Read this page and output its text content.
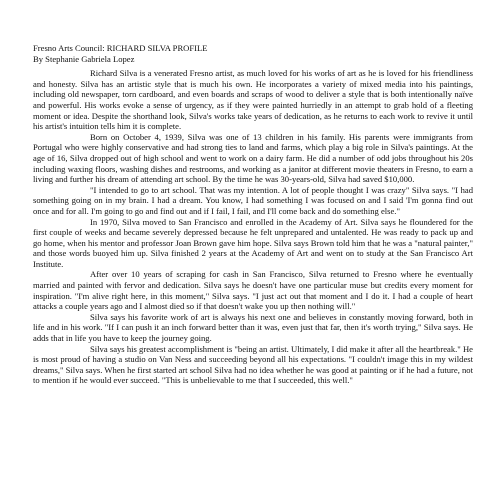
Fresno Arts Council: RICHARD SILVA PROFILE

By Stephanie Gabriela Lopez

Richard Silva is a venerated Fresno artist, as much loved for his works of art as he is loved for his friendliness and honesty. Silva has an artistic style that is much his own. He incorporates a variety of mixed media into his paintings, including old newspaper, torn cardboard, and even boards and scraps of wood to deliver a style that is both intentionally naïve and powerful. His works evoke a sense of urgency, as if they were painted hurriedly in an attempt to grab hold of a fleeting moment or idea. Despite the shorthand look, Silva's works take years of dedication, as he returns to each work to revive it until his artist's intuition tells him it is complete.

Born on October 4, 1939, Silva was one of 13 children in his family. His parents were immigrants from Portugal who were highly conservative and had strong ties to land and farms, which play a big role in Silva's paintings. At the age of 16, Silva dropped out of high school and went to work on a dairy farm. He did a number of odd jobs throughout his 20s including waxing floors, washing dishes and restrooms, and working as a janitor at different movie theaters in Fresno, to earn a living and further his dream of attending art school. By the time he was 30-years-old, Silva had saved $10,000.

"I intended to go to art school. That was my intention. A lot of people thought I was crazy" Silva says. "I had something going on in my brain. I had a dream. You know, I had something I was focused on and I said 'I'm gonna find out once and for all. I'm going to go and find out and if I fail, I fail, and I'll come back and do something else."

In 1970, Silva moved to San Francisco and enrolled in the Academy of Art. Silva says he floundered for the first couple of weeks and became severely depressed because he felt unprepared and untalented. He was ready to pack up and go home, when his mentor and professor Joan Brown gave him hope. Silva says Brown told him that he was a "natural painter," and those words buoyed him up. Silva finished 2 years at the Academy of Art and went on to study at the San Francisco Art Institute.

After over 10 years of scraping for cash in San Francisco, Silva returned to Fresno where he eventually married and painted with fervor and dedication. Silva says he doesn't have one particular muse but credits every moment for inspiration. "I'm alive right here, in this moment," Silva says. "I just act out that moment and I do it. I had a couple of heart attacks a couple years ago and I almost died so if that doesn't wake you up then nothing will."

Silva says his favorite work of art is always his next one and believes in constantly moving forward, both in life and in his work. "If I can push it an inch forward better than it was, even just that far, then it's worth trying," Silva says. He adds that in life you have to keep the journey going.

Silva says his greatest accomplishment is "being an artist. Ultimately, I did make it after all the heartbreak." He is most proud of having a studio on Van Ness and succeeding beyond all his expectations. "I couldn't image this in my wildest dreams," Silva says. When he first started art school Silva had no idea whether he was good at painting or if he had a future, not to mention if he would ever succeed. "This is unbelievable to me that I succeeded, this well."
